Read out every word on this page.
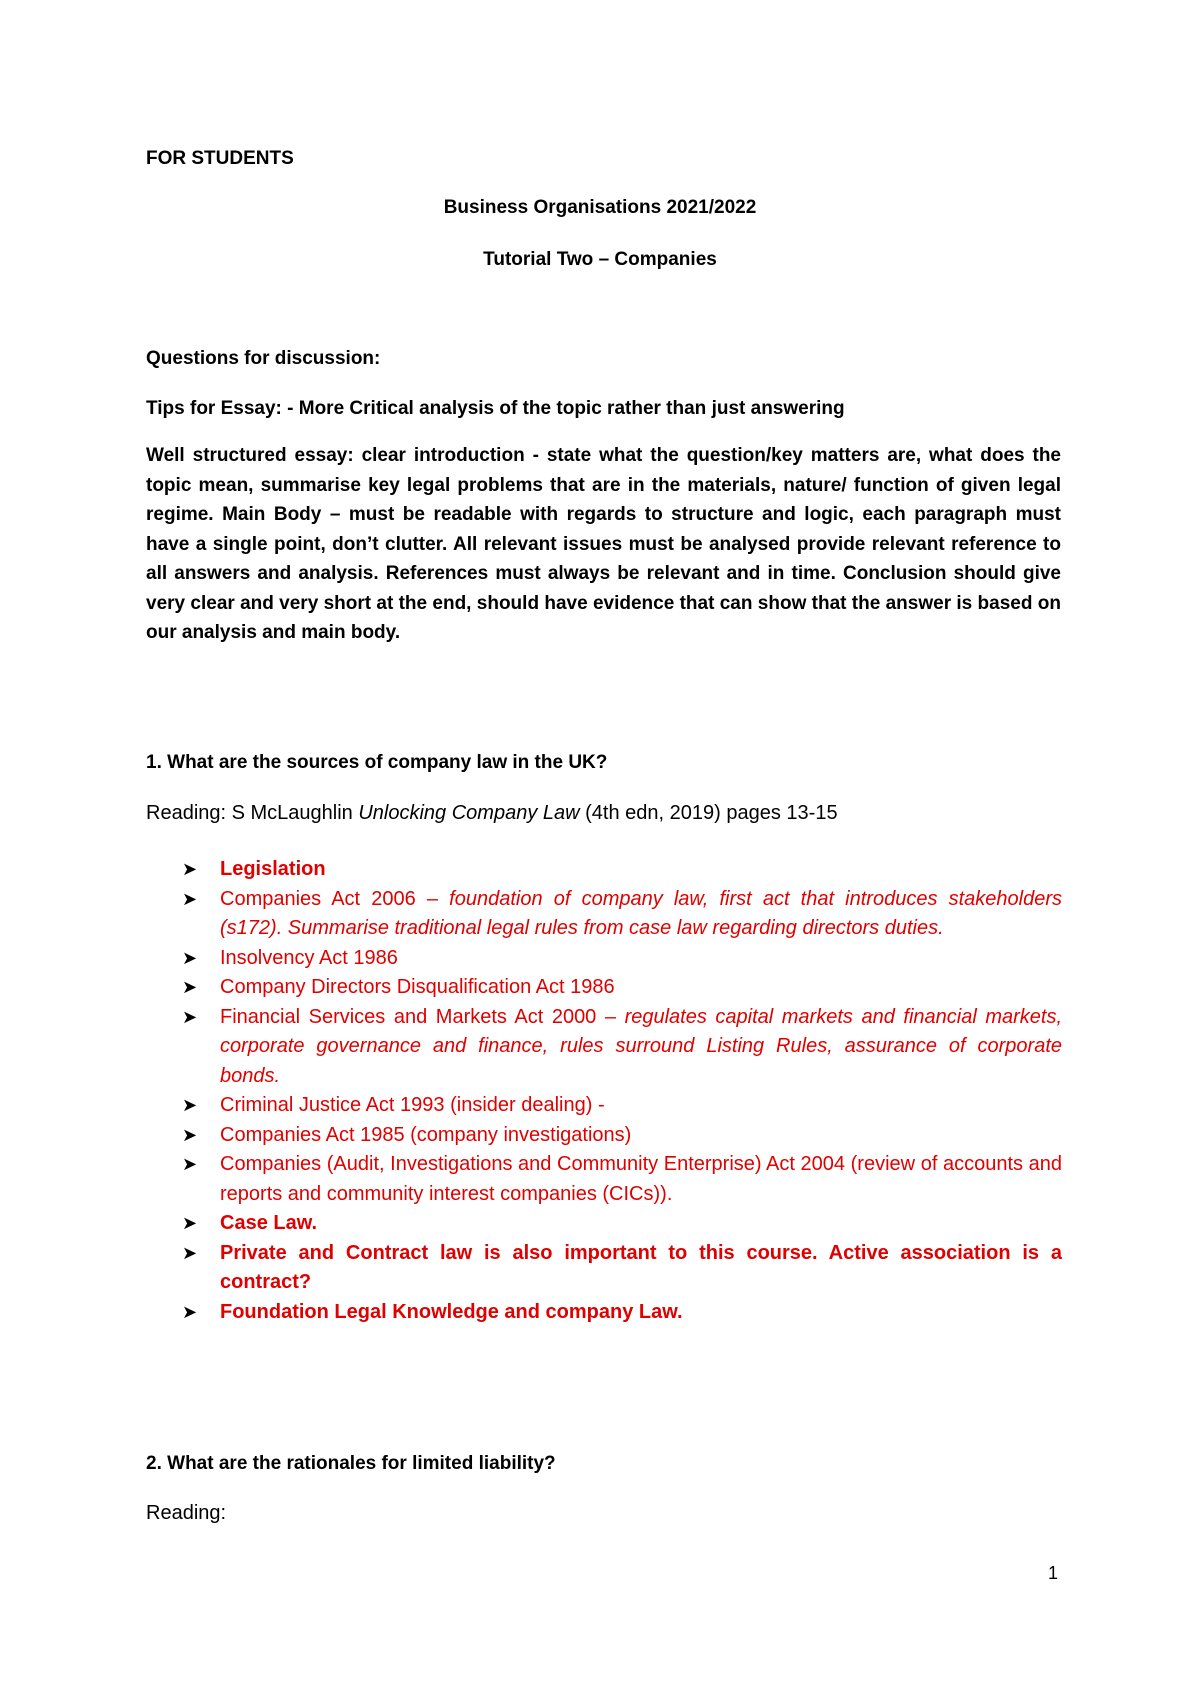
FOR STUDENTS

Business Organisations 2021/2022

Tutorial Two – Companies

Questions for discussion:

Tips for Essay: - More Critical analysis of the topic rather than just answering

Well structured essay: clear introduction - state what the question/key matters are, what does the topic mean, summarise key legal problems that are in the materials, nature/ function of given legal regime. Main Body – must be readable with regards to structure and logic, each paragraph must have a single point, don’t clutter. All relevant issues must be analysed provide relevant reference to all answers and analysis. References must always be relevant and in time. Conclusion should give very clear and very short at the end, should have evidence that can show that the answer is based on our analysis and main body.

1. What are the sources of company law in the UK?

Reading: S McLaughlin Unlocking Company Law (4th edn, 2019) pages 13-15

➤ Legislation
➤ Companies Act 2006 – foundation of company law, first act that introduces stakeholders (s172). Summarise traditional legal rules from case law regarding directors duties.
➤ Insolvency Act 1986
➤ Company Directors Disqualification Act 1986
➤ Financial Services and Markets Act 2000 – regulates capital markets and financial markets, corporate governance and finance, rules surround Listing Rules, assurance of corporate bonds.
➤ Criminal Justice Act 1993 (insider dealing) -
➤ Companies Act 1985 (company investigations)
➤ Companies (Audit, Investigations and Community Enterprise) Act 2004 (review of accounts and reports and community interest companies (CICs)).
➤ Case Law.
➤ Private and Contract law is also important to this course. Active association is a contract?
➤ Foundation Legal Knowledge and company Law.
2. What are the rationales for limited liability?

Reading:

1
